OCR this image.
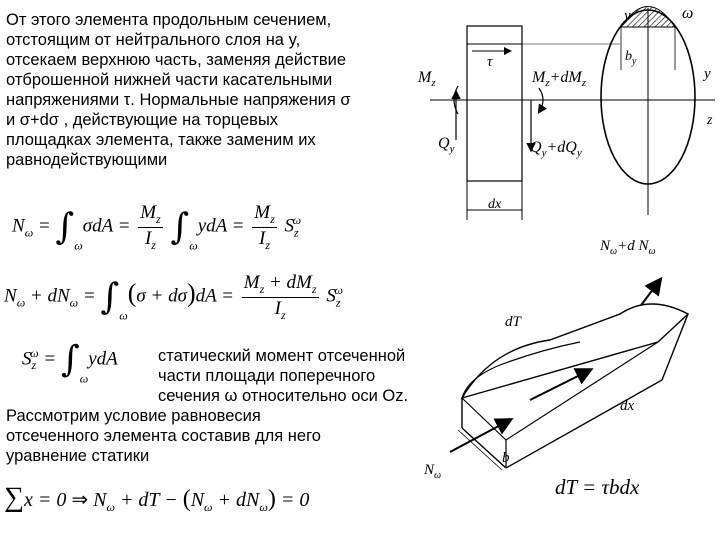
От этого элемента продольным сечением,
отстоящим от нейтрального слоя на y,
отсекаем верхнюю часть, заменяя действие
отброшенной нижней части касательными
напряжениями τ. Нормальные напряжения σ
и σ+dσ , действующие на торцевых
площадках элемента, также заменим их
равнодействующими
$N_\omega = \int_\omega\sigma dA = \frac{M_z}{I_z} \int_\omega ydA = \frac{M_z}{I_z} S_z^\omega$
$N_\omega + dN_\omega = \int_\omega(\sigma + d\sigma)dA = \frac{M_z + dM_z}{I_z} S_z^\omega$
$S_z^\omega = \int_\omega ydA$ статический момент отсеченной
части площади поперечного
сечения ω относительно оси Oz.
Рассмотрим условие равновесия
отсеченного элемента составив для него
уравнение статики
∑x = 0 ⇒ $N_\omega$ + dT − $(N_\omega + dN_\omega) = 0$
dx
τ
$M_z$	$M_z+dM_z$
$Q_y$	$Q_y+dQ_y$
$b_y$
y	ω
y
z
$N_\omega+d$ $N_\omega$
dT
dx
b
$N_\omega$	dT = τbdx
